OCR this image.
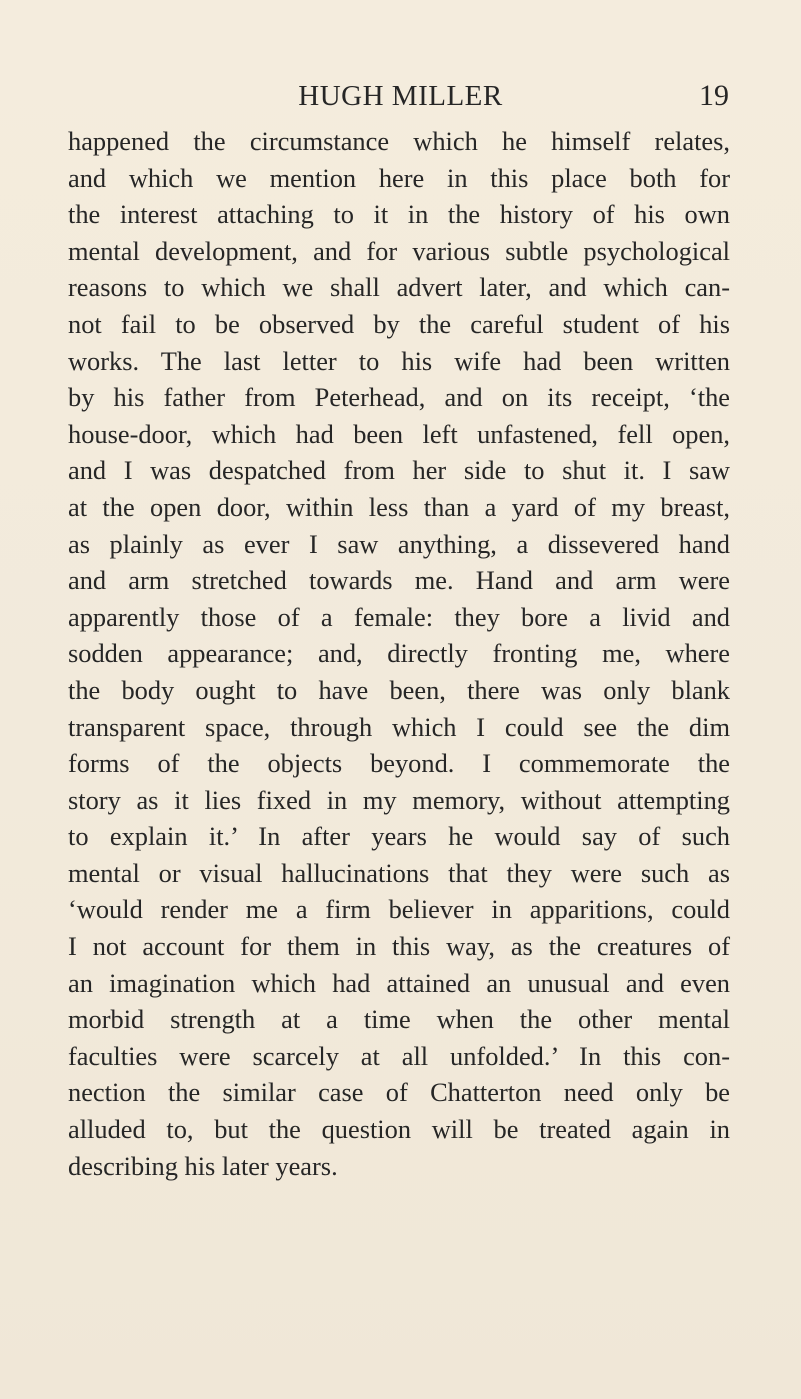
HUGH MILLER	19
happened the circumstance which he himself relates,
and which we mention here in this place both for
the interest attaching to it in the history of his own
mental development, and for various subtle psychological
reasons to which we shall advert later, and which can-
not fail to be observed by the careful student of his
works. The last letter to his wife had been written
by his father from Peterhead, and on its receipt, ‘the
house-door, which had been left unfastened, fell open,
and I was despatched from her side to shut it. I saw
at the open door, within less than a yard of my breast,
as plainly as ever I saw anything, a dissevered hand
and arm stretched towards me. Hand and arm were
apparently those of a female: they bore a livid and
sodden appearance; and, directly fronting me, where
the body ought to have been, there was only blank
transparent space, through which I could see the dim
forms of the objects beyond. I commemorate the
story as it lies fixed in my memory, without attempting
to explain it.’ In after years he would say of such
mental or visual hallucinations that they were such as
‘would render me a firm believer in apparitions, could
I not account for them in this way, as the creatures of
an imagination which had attained an unusual and even
morbid strength at a time when the other mental
faculties were scarcely at all unfolded.’ In this con-
nection the similar case of Chatterton need only be
alluded to, but the question will be treated again in
describing his later years.
